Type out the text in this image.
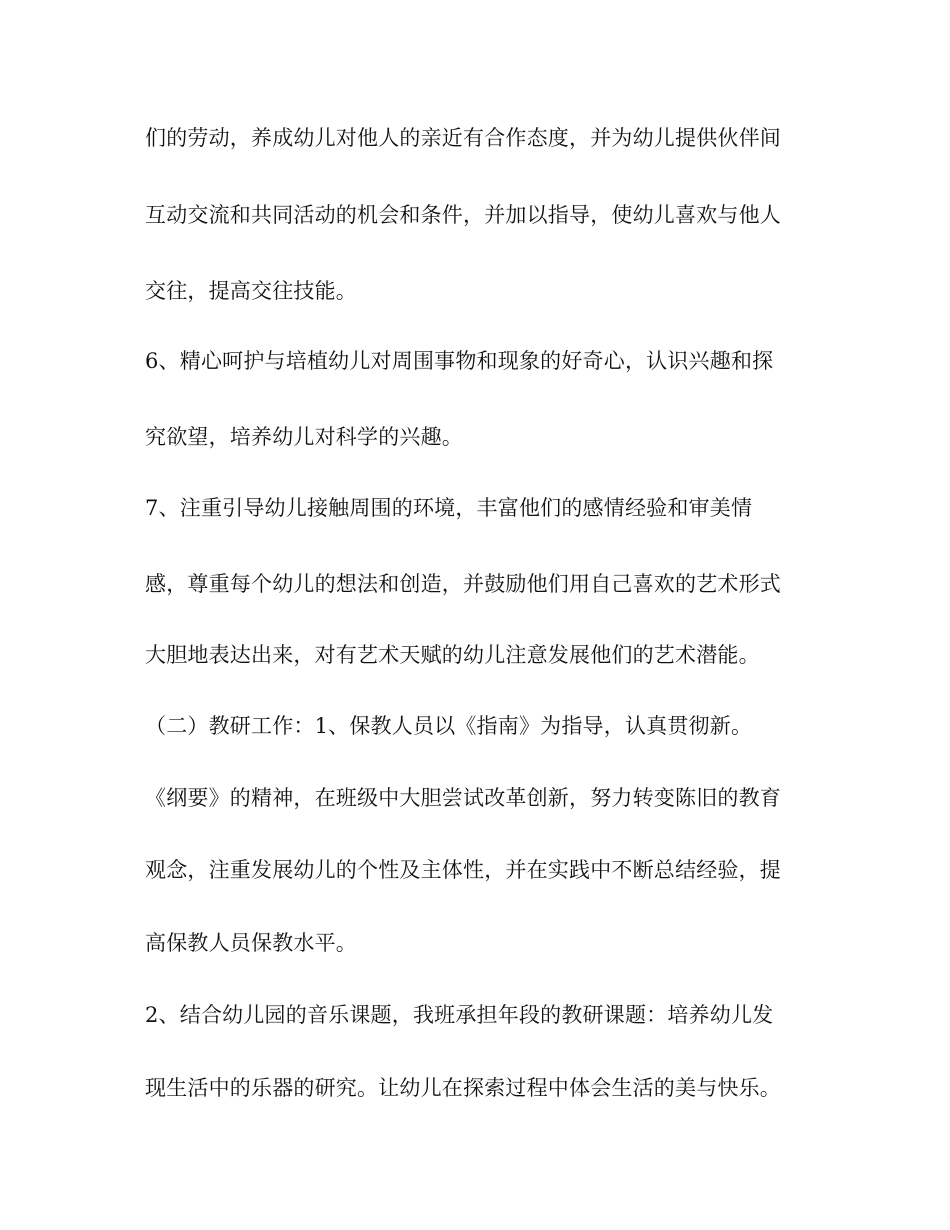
们的劳动，养成幼儿对他人的亲近有合作态度，并为幼儿提供伙伴间
互动交流和共同活动的机会和条件，并加以指导，使幼儿喜欢与他人
交往，提高交往技能。
6、精心呵护与培植幼儿对周围事物和现象的好奇心，认识兴趣和探
究欲望，培养幼儿对科学的兴趣。
7、注重引导幼儿接触周围的环境，丰富他们的感情经验和审美情
感，尊重每个幼儿的想法和创造，并鼓励他们用自己喜欢的艺术形式
大胆地表达出来，对有艺术天赋的幼儿注意发展他们的艺术潜能。
（二）教研工作：1、保教人员以《指南》为指导，认真贯彻新。
《纲要》的精神，在班级中大胆尝试改革创新，努力转变陈旧的教育
观念，注重发展幼儿的个性及主体性，并在实践中不断总结经验，提
高保教人员保教水平。
2、结合幼儿园的音乐课题，我班承担年段的教研课题：培养幼儿发
现生活中的乐器的研究。让幼儿在探索过程中体会生活的美与快乐。
